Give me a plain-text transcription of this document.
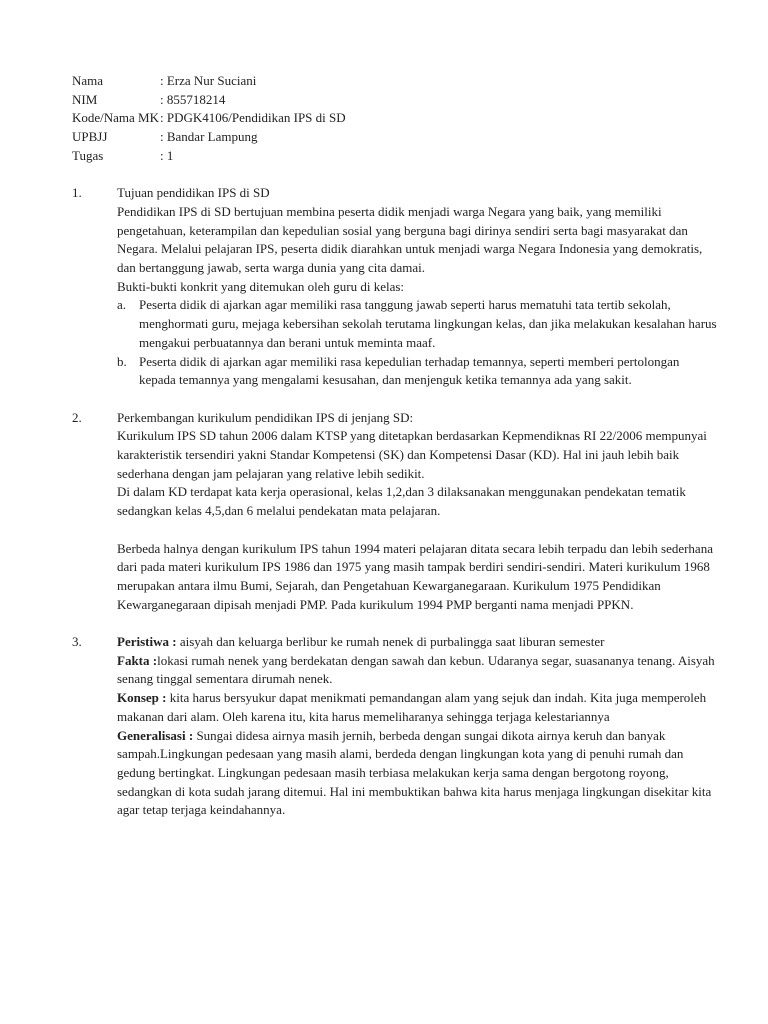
Nama	: Erza Nur Suciani
NIM	: 855718214
Kode/Nama MK : PDGK4106/Pendidikan IPS di SD
UPBJJ	: Bandar Lampung
Tugas	: 1
1.	Tujuan pendidikan IPS di SD
Pendidikan IPS di SD bertujuan membina peserta didik menjadi warga Negara yang baik, yang memiliki pengetahuan, keterampilan dan kepedulian sosial yang berguna bagi dirinya sendiri serta bagi masyarakat dan Negara. Melalui pelajaran IPS, peserta didik diarahkan untuk menjadi warga Negara Indonesia yang demokratis, dan bertanggung jawab, serta warga dunia yang cita damai.
Bukti-bukti konkrit yang ditemukan oleh guru di kelas:
a. Peserta didik di ajarkan agar memiliki rasa tanggung jawab seperti harus mematuhi tata tertib sekolah, menghormati guru, mejaga kebersihan sekolah terutama lingkungan kelas, dan jika melakukan kesalahan harus mengakui perbuatannya dan berani untuk meminta maaf.
b. Peserta didik di ajarkan agar memiliki rasa kepedulian terhadap temannya, seperti memberi pertolongan kepada temannya yang mengalami kesusahan, dan menjenguk ketika temannya ada yang sakit.
2.	Perkembangan kurikulum pendidikan IPS di jenjang SD:
Kurikulum IPS SD tahun 2006 dalam KTSP yang ditetapkan berdasarkan Kepmendiknas RI 22/2006 mempunyai karakteristik tersendiri yakni Standar Kompetensi (SK) dan Kompetensi Dasar (KD). Hal ini jauh lebih baik sederhana dengan jam pelajaran yang relative lebih sedikit.
Di dalam KD terdapat kata kerja operasional, kelas 1,2,dan 3 dilaksanakan menggunakan pendekatan tematik sedangkan kelas 4,5,dan 6 melalui pendekatan mata pelajaran.
Berbeda halnya dengan kurikulum IPS tahun 1994 materi pelajaran ditata secara lebih terpadu dan lebih sederhana dari pada materi kurikulum IPS 1986 dan 1975 yang masih tampak berdiri sendiri-sendiri. Materi kurikulum 1968 merupakan antara ilmu Bumi, Sejarah, dan Pengetahuan Kewarganegaraan. Kurikulum 1975 Pendidikan Kewarganegaraan dipisah menjadi PMP. Pada kurikulum 1994 PMP berganti nama menjadi PPKN.
3.	Peristiwa : aisyah dan keluarga berlibur ke rumah nenek di purbalingga saat liburan semester
Fakta :lokasi rumah nenek yang berdekatan dengan sawah dan kebun. Udaranya segar, suasananya tenang. Aisyah senang tinggal sementara dirumah nenek.
Konsep : kita harus bersyukur dapat menikmati pemandangan alam yang sejuk dan indah. Kita juga memperoleh makanan dari alam. Oleh karena itu, kita harus memeliharanya sehingga terjaga kelestariannya
Generalisasi : Sungai didesa airnya masih jernih, berbeda dengan sungai dikota airnya keruh dan banyak sampah.Lingkungan pedesaan yang masih alami, berdeda dengan lingkungan kota yang di penuhi rumah dan gedung bertingkat. Lingkungan pedesaan masih terbiasa melakukan kerja sama dengan bergotong royong, sedangkan di kota sudah jarang ditemui. Hal ini membuktikan bahwa kita harus menjaga lingkungan disekitar kita agar tetap terjaga keindahannya.
